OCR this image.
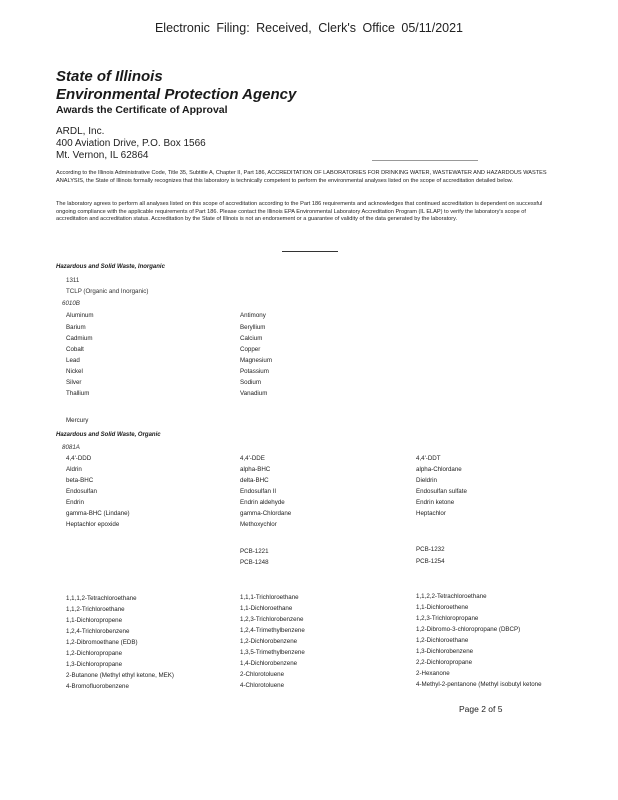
Electronic Filing: Received, Clerk's Office 05/11/2021
State of Illinois
Environmental Protection Agency
Awards the Certificate of Approval
ARDL, Inc.
400 Aviation Drive, P.O. Box 1566
Mt. Vernon, IL 62864
According to the Illinois Administrative Code, Title 35, Subtitle A, Chapter II, Part 186, ACCREDITATION OF LABORATORIES FOR DRINKING WATER, WASTEWATER AND HAZARDOUS WASTES ANALYSIS, the State of Illinois formally recognizes that this laboratory is technically competent to perform the environmental analyses listed on the scope of accreditation detailed below.
The laboratory agrees to perform all analyses listed on this scope of accreditation according to the Part 186 requirements and acknowledges that continued accreditation is dependent on successful ongoing compliance with the applicable requirements of Part 186. Please contact the Illinois EPA Environmental Laboratory Accreditation Program (IL ELAP) to verify the laboratory's scope of accreditation and accreditation status. Accreditation by the State of Illinois is not an endorsement or a guarantee of validity of the data generated by the laboratory.
Hazardous and Solid Waste, Inorganic
1311
TCLP (Organic and Inorganic)
6010B
Aluminum
Barium
Cadmium
Cobalt
Lead
Nickel
Silver
Thallium
Antimony
Beryllium
Calcium
Copper
Magnesium
Potassium
Sodium
Vanadium
Mercury
Hazardous and Solid Waste, Organic
8081A
4,4'-DDD
Aldrin
beta-BHC
Endosulfan
Endrin
gamma-BHC (Lindane)
Heptachlor epoxide
4,4'-DDE
alpha-BHC
delta-BHC
Endosulfan II
Endrin aldehyde
gamma-Chlordane
Methoxychlor
4,4'-DDT
alpha-Chlordane
Dieldrin
Endosulfan sulfate
Endrin ketone
Heptachlor
PCB-1221
PCB-1248
PCB-1232
PCB-1254
1,1,1,2-Tetrachloroethane
1,1,2-Trichloroethane
1,1-Dichloropropene
1,2,4-Trichlorobenzene
1,2-Dibromoethane (EDB)
1,2-Dichloropropane
1,3-Dichloropropane
2-Butanone (Methyl ethyl ketone, MEK)
4-Bromofluorobenzene
1,1,1-Trichloroethane
1,1-Dichloroethane
1,2,3-Trichlorobenzene
1,2,4-Trimethylbenzene
1,2-Dichlorobenzene
1,3,5-Trimethylbenzene
1,4-Dichlorobenzene
2-Chlorotoluene
4-Chlorotoluene
1,1,2,2-Tetrachloroethane
1,1-Dichloroethene
1,2,3-Trichloropropane
1,2-Dibromo-3-chloropropane (DBCP)
1,2-Dichloroethane
1,3-Dichlorobenzene
2,2-Dichloropropane
2-Hexanone
4-Methyl-2-pentanone (Methyl isobutyl ketone
Page 2 of 5
